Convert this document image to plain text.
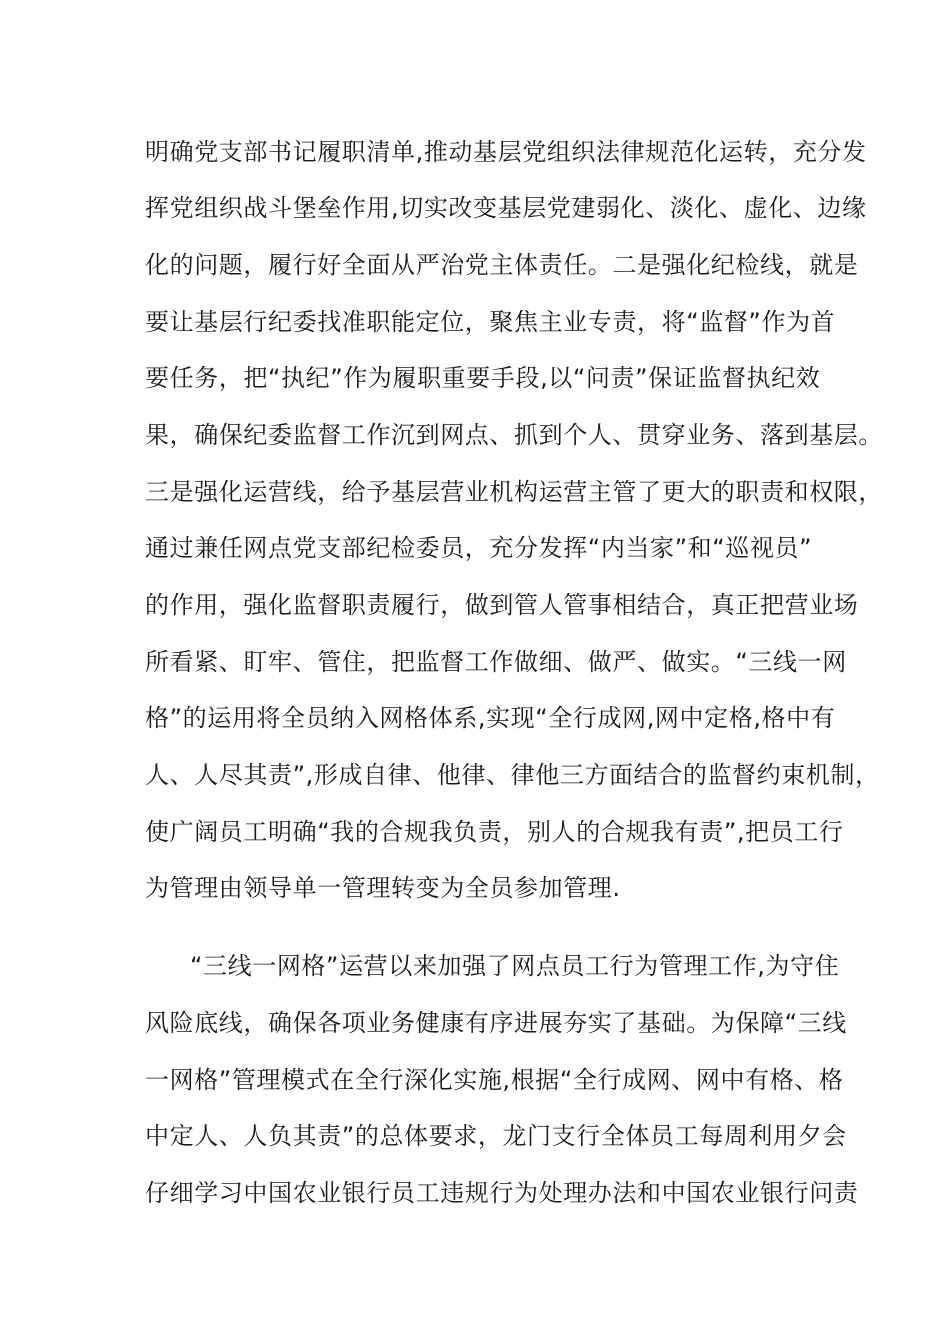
明确党支部书记履职清单,推动基层党组织法律规范化运转，充分发
挥党组织战斗堡垒作用,切实改变基层党建弱化、淡化、虚化、边缘
化的问题，履行好全面从严治党主体责任。二是强化纪检线，就是
要让基层行纪委找准职能定位，聚焦主业专责，将“监督”作为首
要任务，把“执纪”作为履职重要手段,以“问责”保证监督执纪效
果，确保纪委监督工作沉到网点、抓到个人、贯穿业务、落到基层。
三是强化运营线，给予基层营业机构运营主管了更大的职责和权限，
通过兼任网点党支部纪检委员，充分发挥“内当家”和“巡视员”
的作用，强化监督职责履行，做到管人管事相结合，真正把营业场
所看紧、盯牢、管住，把监督工作做细、做严、做实。“三线一网
格”的运用将全员纳入网格体系,实现“全行成网,网中定格,格中有
人、人尽其责”,形成自律、他律、律他三方面结合的监督约束机制，
使广阔员工明确“我的合规我负责，别人的合规我有责”,把员工行
为管理由领导单一管理转变为全员参加管理.
“三线一网格”运营以来加强了网点员工行为管理工作,为守住
风险底线，确保各项业务健康有序进展夯实了基础。为保障“三线
一网格”管理模式在全行深化实施,根据“全行成网、网中有格、格
中定人、人负其责”的总体要求，龙门支行全体员工每周利用夕会
仔细学习中国农业银行员工违规行为处理办法和中国农业银行问责
